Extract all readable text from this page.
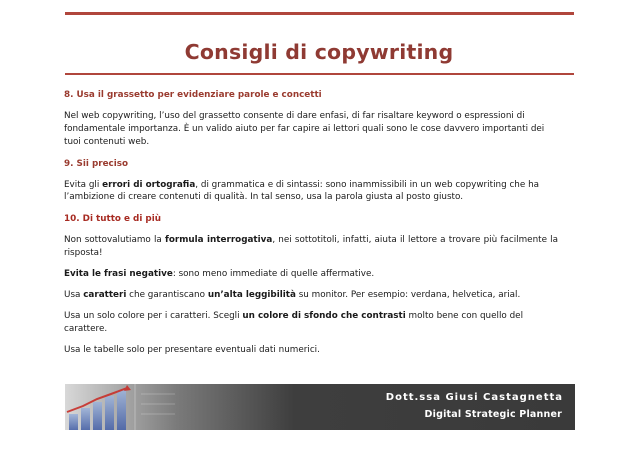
Consigli di copywriting

8. Usa il grassetto per evidenziare parole e concetti

Nel web copywriting, l’uso del grassetto consente di dare enfasi, di far risaltare keyword o espressioni di fondamentale importanza. È un valido aiuto per far capire ai lettori quali sono le cose davvero importanti dei tuoi contenuti web.

9. Sii preciso

Evita gli errori di ortografia, di grammatica e di sintassi: sono inammissibili in un web copywriting che ha l’ambizione di creare contenuti di qualità. In tal senso, usa la parola giusta al posto giusto.

10. Di tutto e di più

Non sottovalutiamo la formula interrogativa, nei sottotitoli, infatti, aiuta il lettore a trovare più facilmente la risposta!

Evita le frasi negative: sono meno immediate di quelle affermative.

Usa caratteri che garantiscano un’alta leggibilità su monitor. Per esempio: verdana, helvetica, arial.

Usa un solo colore per i caratteri. Scegli un colore di sfondo che contrasti molto bene con quello del carattere.

Usa le tabelle solo per presentare eventuali dati numerici.

Dott.ssa Giusi Castagnetta
Digital Strategic Planner
